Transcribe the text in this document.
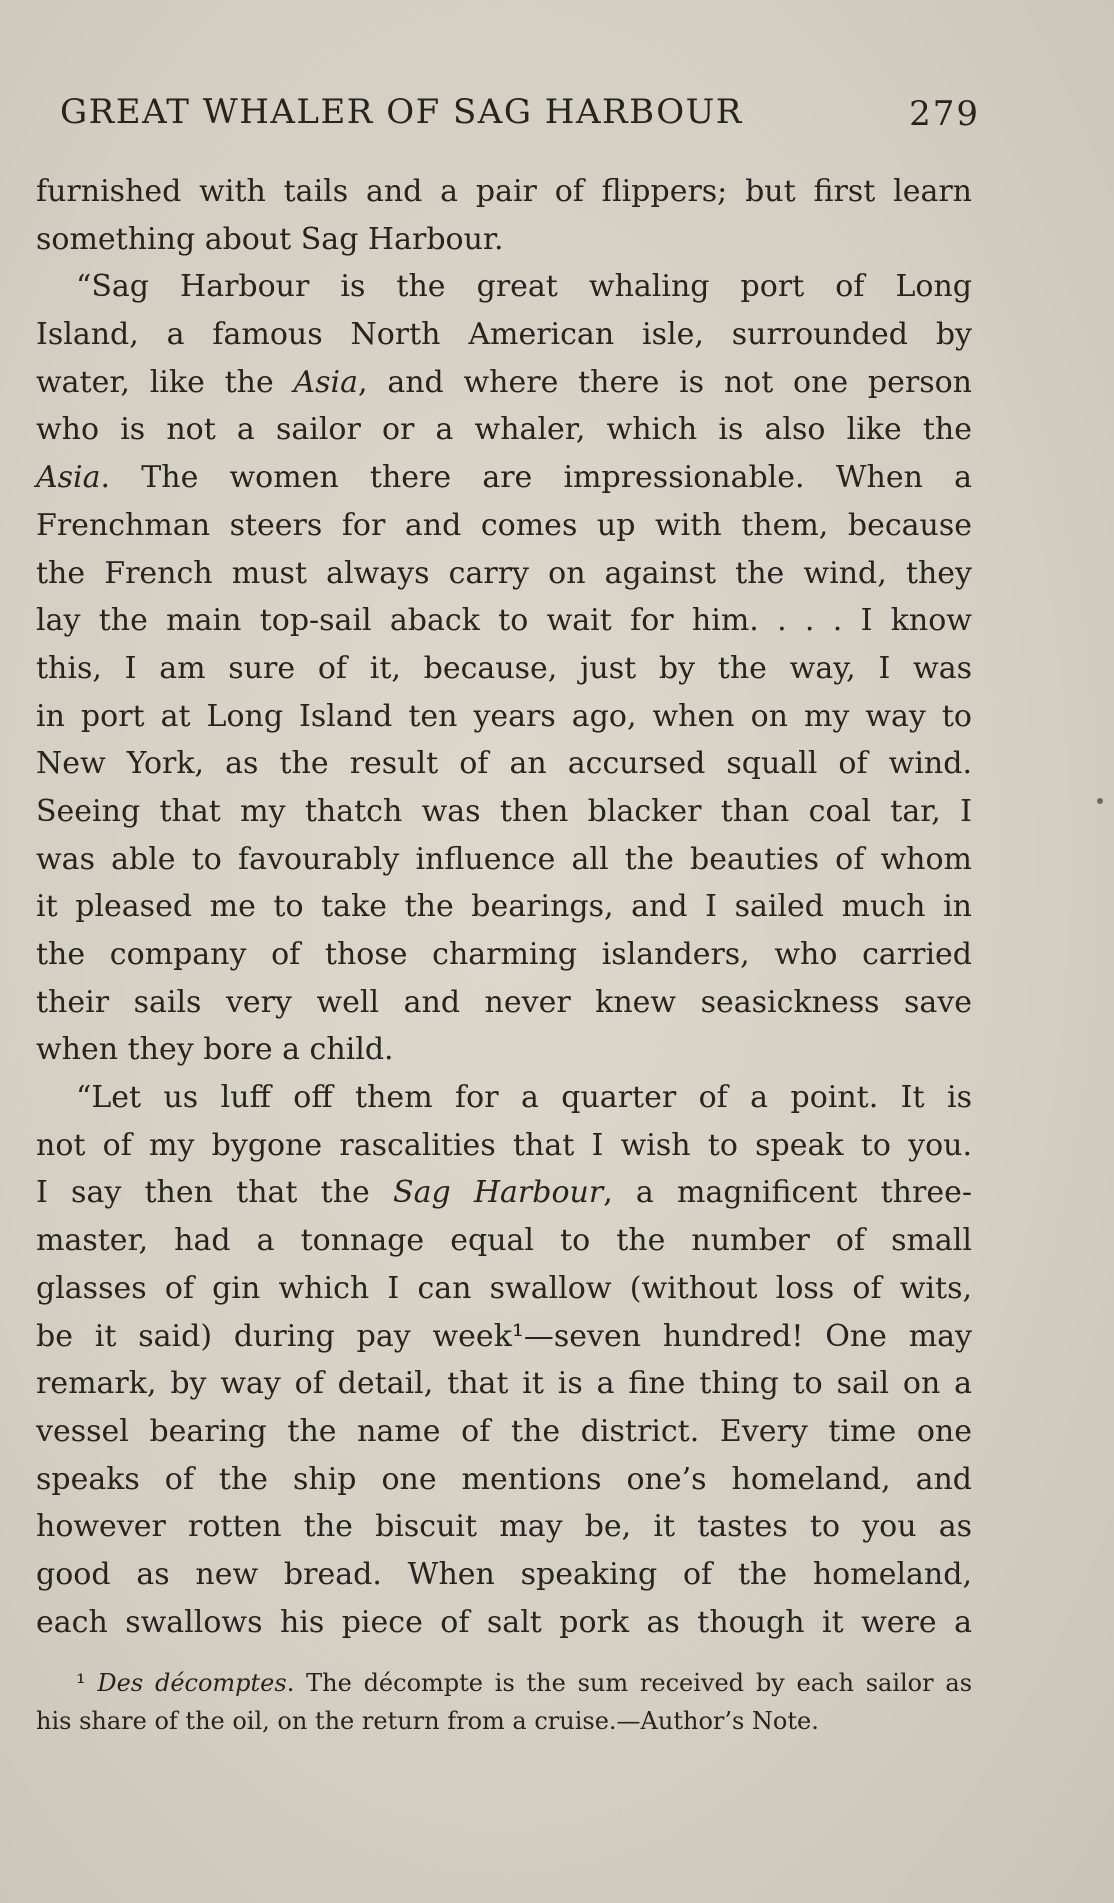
GREAT WHALER OF SAG HARBOUR	279
furnished with tails and a pair of flippers; but first learn
something about Sag Harbour.
“Sag Harbour is the great whaling port of Long
Island, a famous North American isle, surrounded by
water, like the Asia, and where there is not one person
who is not a sailor or a whaler, which is also like the
Asia. The women there are impressionable. When a
Frenchman steers for and comes up with them, because
the French must always carry on against the wind, they
lay the main top-sail aback to wait for him. . . . I know
this, I am sure of it, because, just by the way, I was
in port at Long Island ten years ago, when on my way to
New York, as the result of an accursed squall of wind.
Seeing that my thatch was then blacker than coal tar, I
was able to favourably influence all the beauties of whom
it pleased me to take the bearings, and I sailed much in
the company of those charming islanders, who carried
their sails very well and never knew seasickness save
when they bore a child.
“Let us luff off them for a quarter of a point. It is
not of my bygone rascalities that I wish to speak to you.
I say then that the Sag Harbour, a magnificent three-
master, had a tonnage equal to the number of small
glasses of gin which I can swallow (without loss of wits,
be it said) during pay week¹—seven hundred! One may
remark, by way of detail, that it is a fine thing to sail on a
vessel bearing the name of the district. Every time one
speaks of the ship one mentions one’s homeland, and
however rotten the biscuit may be, it tastes to you as
good as new bread. When speaking of the homeland,
each swallows his piece of salt pork as though it were a
¹ Des décomptes. The décompte is the sum received by each sailor as
his share of the oil, on the return from a cruise.—Author’s Note.
